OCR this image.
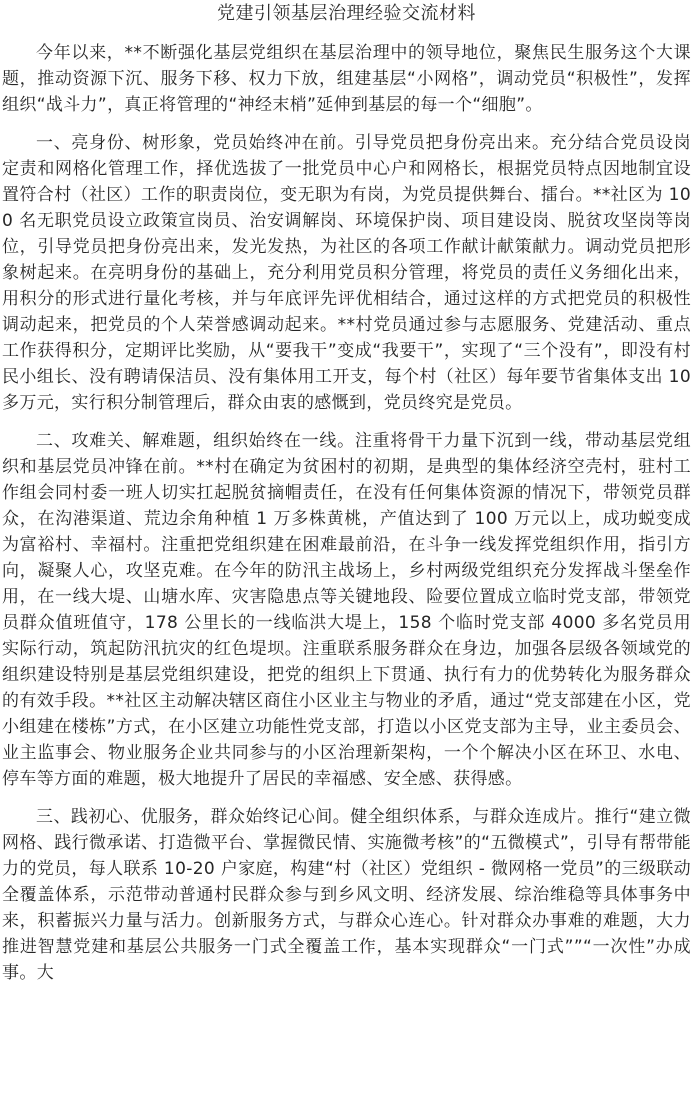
党建引领基层治理经验交流材料

今年以来，**不断强化基层党组织在基层治理中的领导地位，聚焦民生服务这个大课题，推动资源下沉、服务下移、权力下放，组建基层“小网格”，调动党员“积极性”，发挥组织“战斗力”，真正将管理的“神经末梢”延伸到基层的每一个“细胞”。

一、亮身份、树形象，党员始终冲在前。引导党员把身份亮出来。充分结合党员设岗定责和网格化管理工作，择优选拔了一批党员中心户和网格长，根据党员特点因地制宜设置符合村（社区）工作的职责岗位，变无职为有岗，为党员提供舞台、擂台。**社区为 100 名无职党员设立政策宣岗员、治安调解岗、环境保护岗、项目建设岗、脱贫攻坚岗等岗位，引导党员把身份亮出来，发光发热，为社区的各项工作献计献策献力。调动党员把形象树起来。在亮明身份的基础上，充分利用党员积分管理，将党员的责任义务细化出来，用积分的形式进行量化考核，并与年底评先评优相结合，通过这样的方式把党员的积极性调动起来，把党员的个人荣誉感调动起来。**村党员通过参与志愿服务、党建活动、重点工作获得积分，定期评比奖励，从“要我干”变成“我要干”，实现了“三个没有”，即没有村民小组长、没有聘请保洁员、没有集体用工开支，每个村（社区）每年要节省集体支出 10 多万元，实行积分制管理后，群众由衷的感慨到，党员终究是党员。

二、攻难关、解难题，组织始终在一线。注重将骨干力量下沉到一线，带动基层党组织和基层党员冲锋在前。**村在确定为贫困村的初期，是典型的集体经济空壳村，驻村工作组会同村委一班人切实扛起脱贫摘帽责任，在没有任何集体资源的情况下，带领党员群众，在沟港渠道、荒边余角种植 1 万多株黄桃，产值达到了 100 万元以上，成功蜕变成为富裕村、幸福村。注重把党组织建在困难最前沿，在斗争一线发挥党组织作用，指引方向，凝聚人心，攻坚克难。在今年的防汛主战场上，乡村两级党组织充分发挥战斗堡垒作用，在一线大堤、山塘水库、灾害隐患点等关键地段、险要位置成立临时党支部，带领党员群众值班值守，178 公里长的一线临洪大堤上，158 个临时党支部 4000 多名党员用实际行动，筑起防汛抗灾的红色堤坝。注重联系服务群众在身边，加强各层级各领域党的组织建设特别是基层党组织建设，把党的组织上下贯通、执行有力的优势转化为服务群众的有效手段。**社区主动解决辖区商住小区业主与物业的矛盾，通过“党支部建在小区，党小组建在楼栋”方式，在小区建立功能性党支部，打造以小区党支部为主导，业主委员会、业主监事会、物业服务企业共同参与的小区治理新架构，一个个解决小区在环卫、水电、停车等方面的难题，极大地提升了居民的幸福感、安全感、获得感。

三、践初心、优服务，群众始终记心间。健全组织体系，与群众连成片。推行“建立微网格、践行微承诺、打造微平台、掌握微民情、实施微考核”的“五微模式”，引导有帮带能力的党员，每人联系 10-20 户家庭，构建“村（社区）党组织 - 微网格一党员”的三级联动全覆盖体系，示范带动普通村民群众参与到乡风文明、经济发展、综治维稳等具体事务中来，积蓄振兴力量与活力。创新服务方式，与群众心连心。针对群众办事难的难题，大力推进智慧党建和基层公共服务一门式全覆盖工作，基本实现群众“一门式””“一次性”办成事。大
